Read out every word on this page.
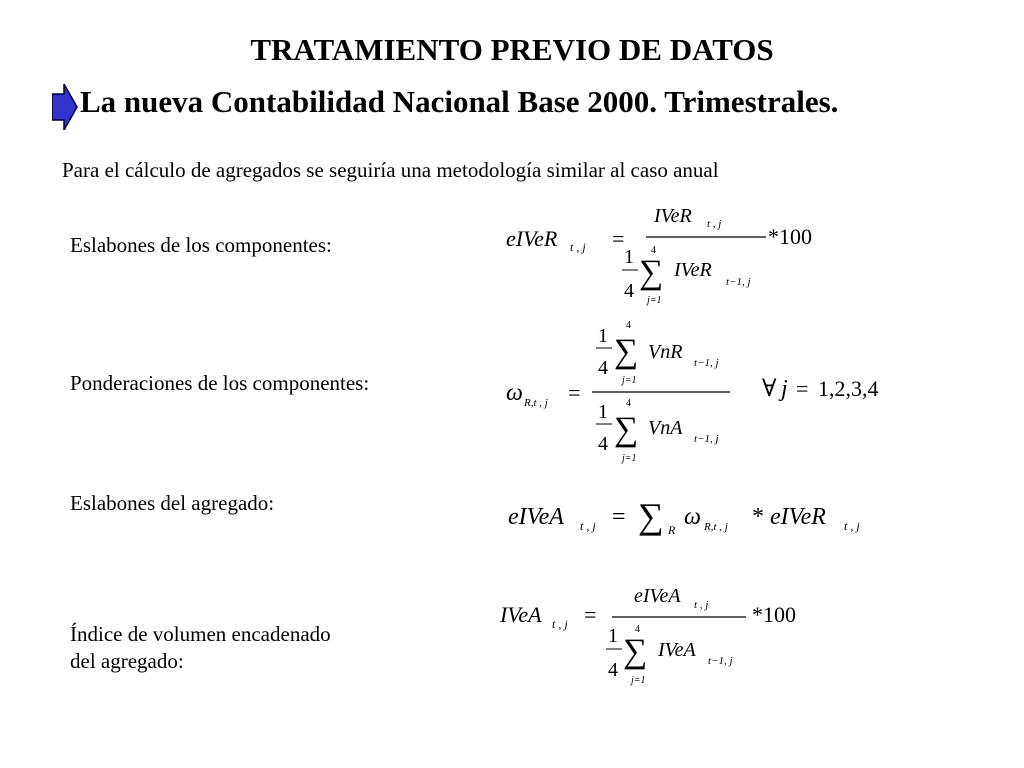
TRATAMIENTO PREVIO DE DATOS
La nueva Contabilidad Nacional Base 2000. Trimestrales.
Para el cálculo de agregados se seguiría una metodología similar al caso anual
Eslabones de los componentes:
Ponderaciones de los componentes:
Eslabones del agregado:
Índice de volumen encadenado
del agregado:
eIVeR t , j =
IVeR t , j *100
1
4
4
∑
j=1
IVeR
t−1, j
ω R,t , j =
1
4
4
∑
j=1
VnR t−1, j
1
4
4
∑
j=1
VnA t−1, j
∀ j = 1,2,3,4
eIVeA t , j = ∑ R ω R,t , j * eIVeR t , j
IVeA t , j =
eIVeA t , j *100
1
4
4
∑
j=1
IVeA t−1, j
